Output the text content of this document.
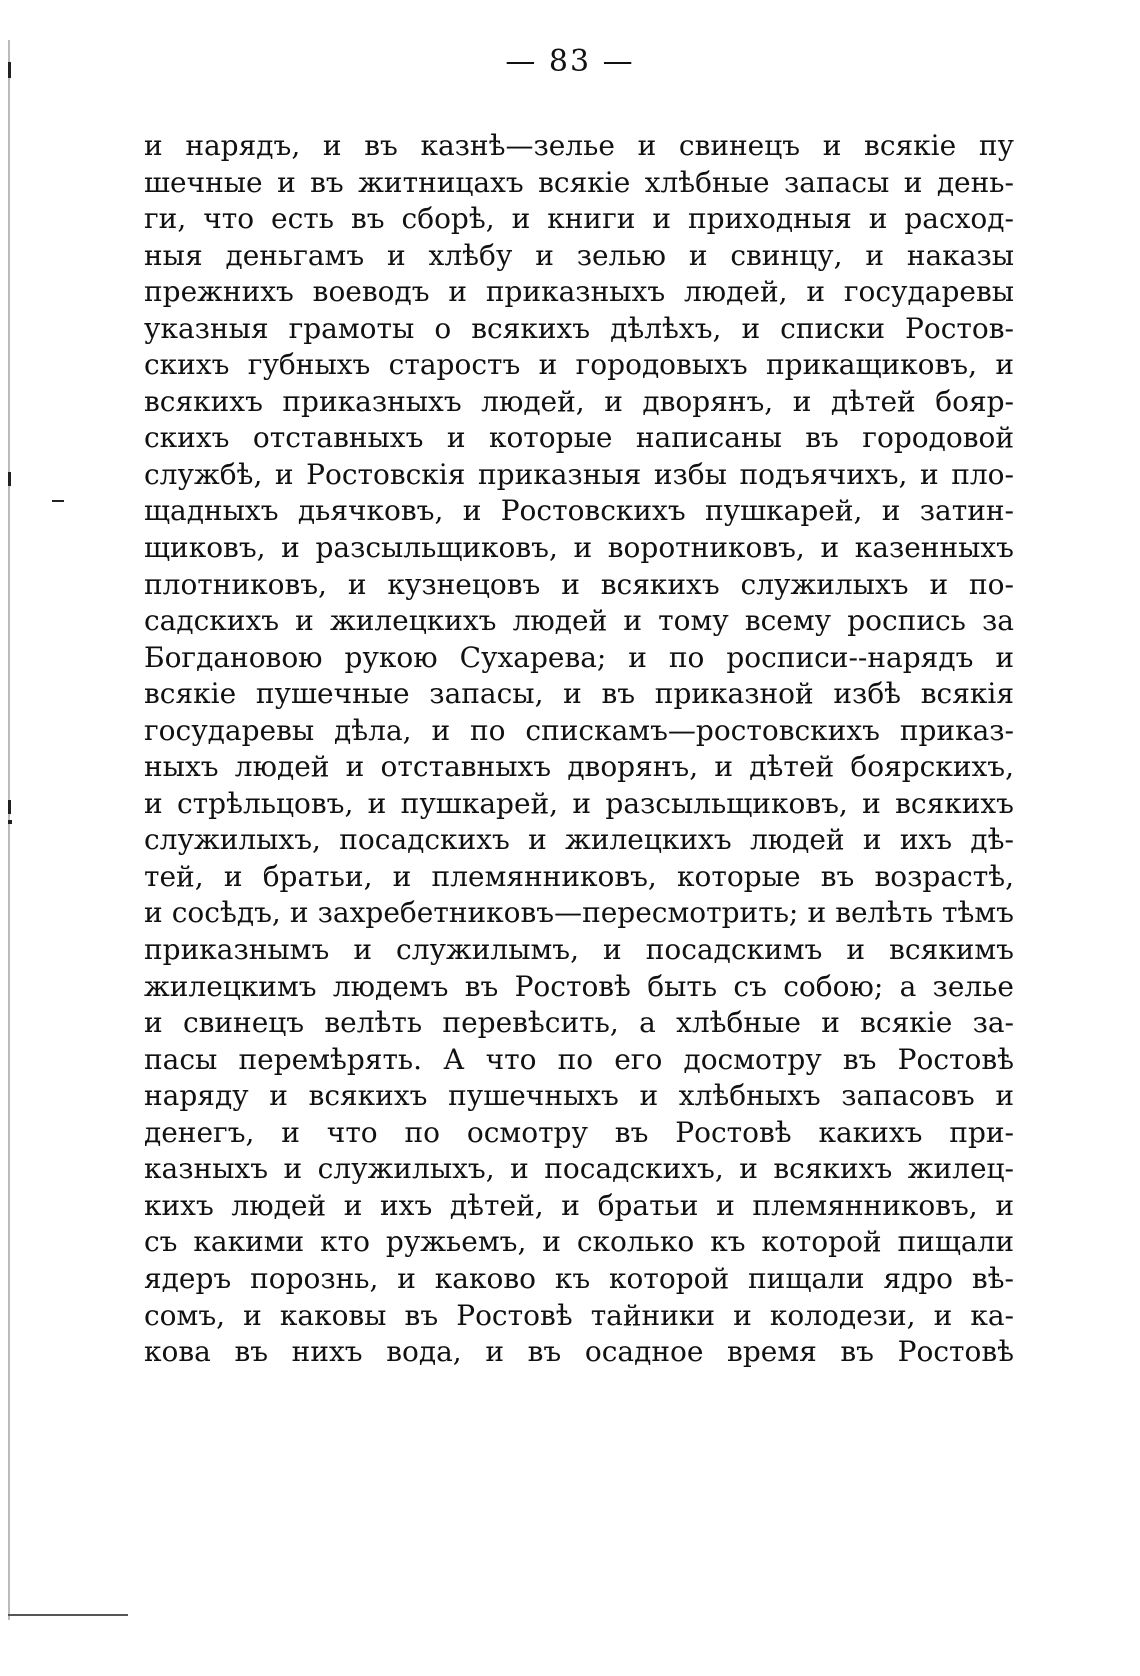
— 83 —
и нарядъ, и въ казнѣ—зелье и свинецъ и всякіе пу
шечные и въ житницахъ всякіе хлѣбные запасы и день-
ги, что есть въ сборѣ, и книги и приходныя и расход-
ныя деньгамъ и хлѣбу и зелью и свинцу, и наказы
прежнихъ воеводъ и приказныхъ людей, и государевы
указныя грамоты о всякихъ дѣлѣхъ, и списки Ростов-
скихъ губныхъ старостъ и городовыхъ прикащиковъ, и
всякихъ приказныхъ людей, и дворянъ, и дѣтей бояр-
скихъ отставныхъ и которые написаны въ городовой
службѣ, и Ростовскія приказныя избы подъячихъ, и пло-
щадныхъ дьячковъ, и Ростовскихъ пушкарей, и затин-
щиковъ, и разсыльщиковъ, и воротниковъ, и казенныхъ
плотниковъ, и кузнецовъ и всякихъ служилыхъ и по-
садскихъ и жилецкихъ людей и тому всему роспись за
Богдановою рукою Сухарева; и по росписи--нарядъ и
всякіе пушечные запасы, и въ приказной избѣ всякія
государевы дѣла, и по спискамъ—ростовскихъ приказ-
ныхъ людей и отставныхъ дворянъ, и дѣтей боярскихъ,
и стрѣльцовъ, и пушкарей, и разсыльщиковъ, и всякихъ
служилыхъ, посадскихъ и жилецкихъ людей и ихъ дѣ-
тей, и братьи, и племянниковъ, которые въ возрастѣ,
и сосѣдъ, и захребетниковъ—пересмотрить; и велѣть тѣмъ
приказнымъ и служилымъ, и посадскимъ и всякимъ
жилецкимъ людемъ въ Ростовѣ быть съ собою; а зелье
и свинецъ велѣть перевѣсить, а хлѣбные и всякіе за-
пасы перемѣрять. А что по его досмотру въ Ростовѣ
наряду и всякихъ пушечныхъ и хлѣбныхъ запасовъ и
денегъ, и что по осмотру въ Ростовѣ какихъ при-
казныхъ и служилыхъ, и посадскихъ, и всякихъ жилец-
кихъ людей и ихъ дѣтей, и братьи и племянниковъ, и
съ какими кто ружьемъ, и сколько къ которой пищали
ядеръ порознь, и каково къ которой пищали ядро вѣ-
сомъ, и каковы въ Ростовѣ тайники и колодези, и ка-
кова въ нихъ вода, и въ осадное время въ Ростовѣ
